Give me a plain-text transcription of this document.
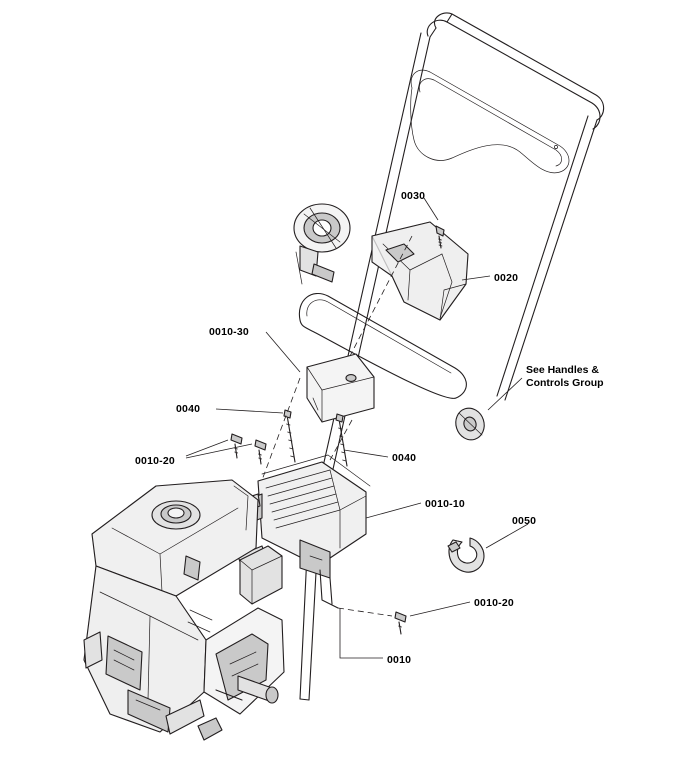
0030
0020
0010-30
0040
0010-20	0040
0010-10
0050
0010-20
0010
See Handles &
Controls Group
